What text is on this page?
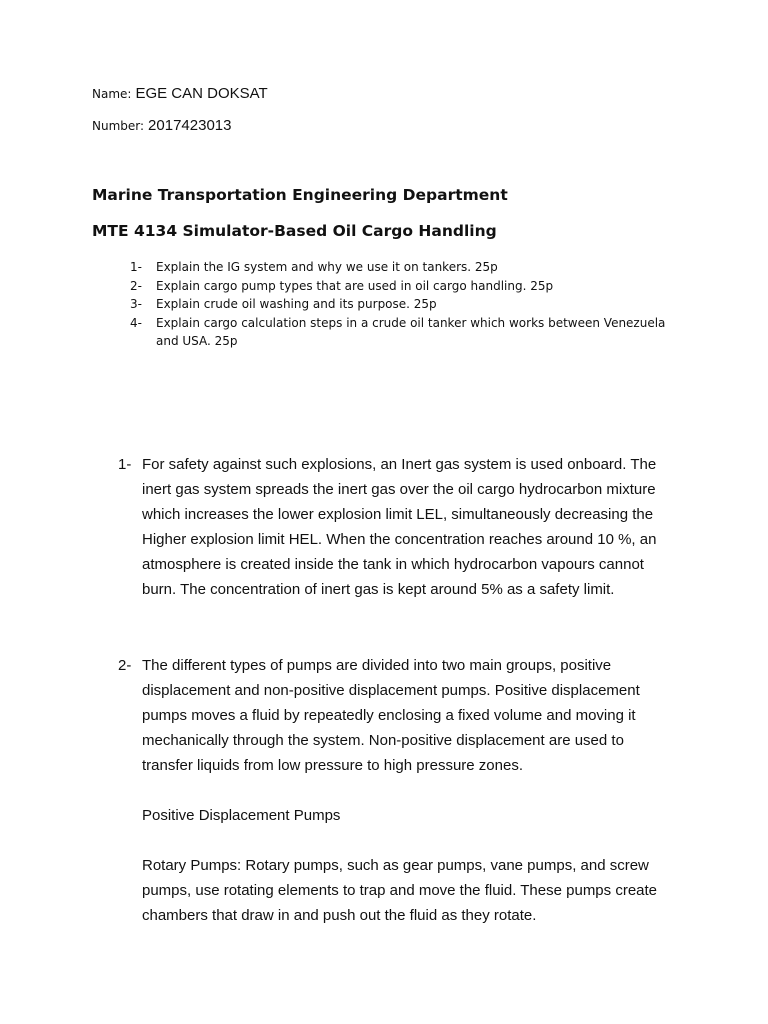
Name: EGE CAN DOKSAT
Number: 2017423013
Marine Transportation Engineering Department
MTE 4134 Simulator-Based Oil Cargo Handling
1- Explain the IG system and why we use it on tankers. 25p
2- Explain cargo pump types that are used in oil cargo handling. 25p
3- Explain crude oil washing and its purpose. 25p
4- Explain cargo calculation steps in a crude oil tanker which works between Venezuela and USA. 25p
1- For safety against such explosions, an Inert gas system is used onboard. The inert gas system spreads the inert gas over the oil cargo hydrocarbon mixture which increases the lower explosion limit LEL, simultaneously decreasing the Higher explosion limit HEL. When the concentration reaches around 10 %, an atmosphere is created inside the tank in which hydrocarbon vapours cannot burn. The concentration of inert gas is kept around 5% as a safety limit.

2- The different types of pumps are divided into two main groups, positive displacement and non-positive displacement pumps. Positive displacement pumps moves a fluid by repeatedly enclosing a fixed volume and moving it mechanically through the system. Non-positive displacement are used to transfer liquids from low pressure to high pressure zones.

Positive Displacement Pumps

Rotary Pumps: Rotary pumps, such as gear pumps, vane pumps, and screw pumps, use rotating elements to trap and move the fluid. These pumps create chambers that draw in and push out the fluid as they rotate.
